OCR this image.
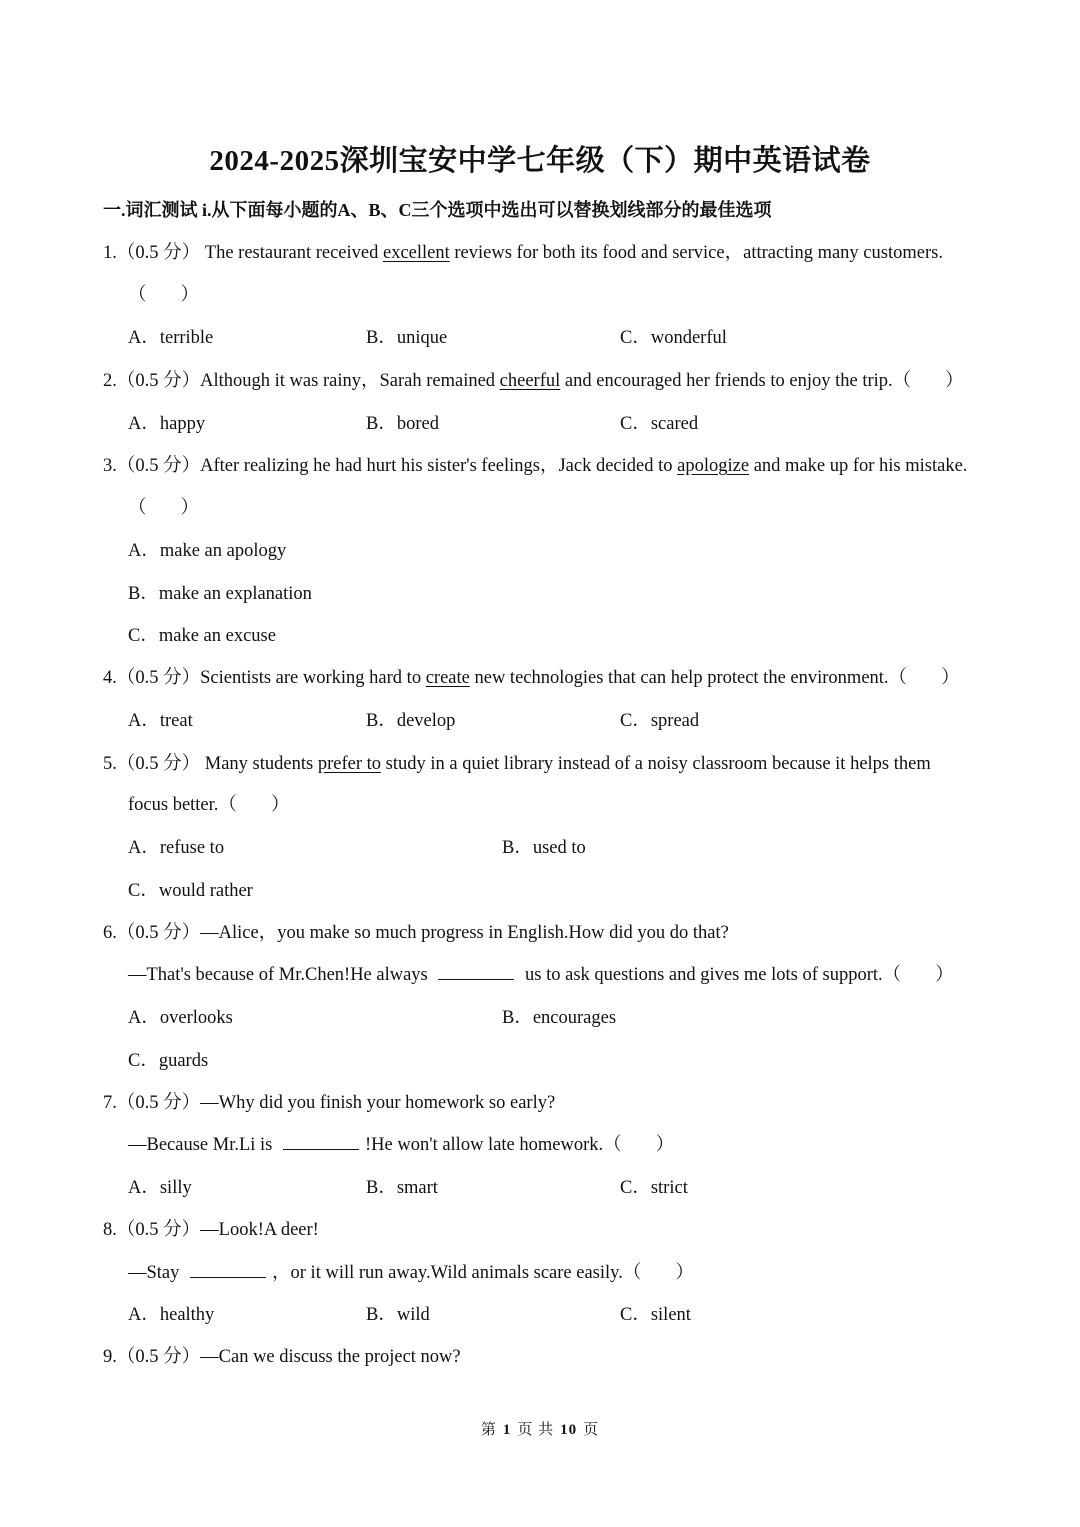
2024-2025深圳宝安中学七年级（下）期中英语试卷
一.词汇测试 i.从下面每小题的A、B、C三个选项中选出可以替换划线部分的最佳选项
1.（0.5 分） The restaurant received excellent reviews for both its food and service，attracting many customers.
（ ）
A．terrible	B．unique	C．wonderful
2.（0.5 分）Although it was rainy，Sarah remained cheerful and encouraged her friends to enjoy the trip.（ ）
A．happy	B．bored	C．scared
3.（0.5 分）After realizing he had hurt his sister's feelings，Jack decided to apologize and make up for his mistake.
（ ）
A．make an apology
B．make an explanation
C．make an excuse
4.（0.5 分）Scientists are working hard to create new technologies that can help protect the environment.（ ）
A．treat	B．develop	C．spread
5.（0.5 分） Many students prefer to study in a quiet library instead of a noisy classroom because it helps them
focus better.（ ）
A．refuse to	B．used to
C．would rather
6.（0.5 分）—Alice，you make so much progress in English.How did you do that?
—That's because of Mr.Chen!He always	us to ask questions and gives me lots of support.（ ）
A．overlooks	B．encourages
C．guards
7.（0.5 分）—Why did you finish your homework so early?
—Because Mr.Li is	!He won't allow late homework.（ ）
A．silly	B．smart	C．strict
8.（0.5 分）—Look!A deer!
—Stay	，or it will run away.Wild animals scare easily.（ ）
A．healthy	B．wild	C．silent
9.（0.5 分）—Can we discuss the project now?
第 1 页 共 10 页
